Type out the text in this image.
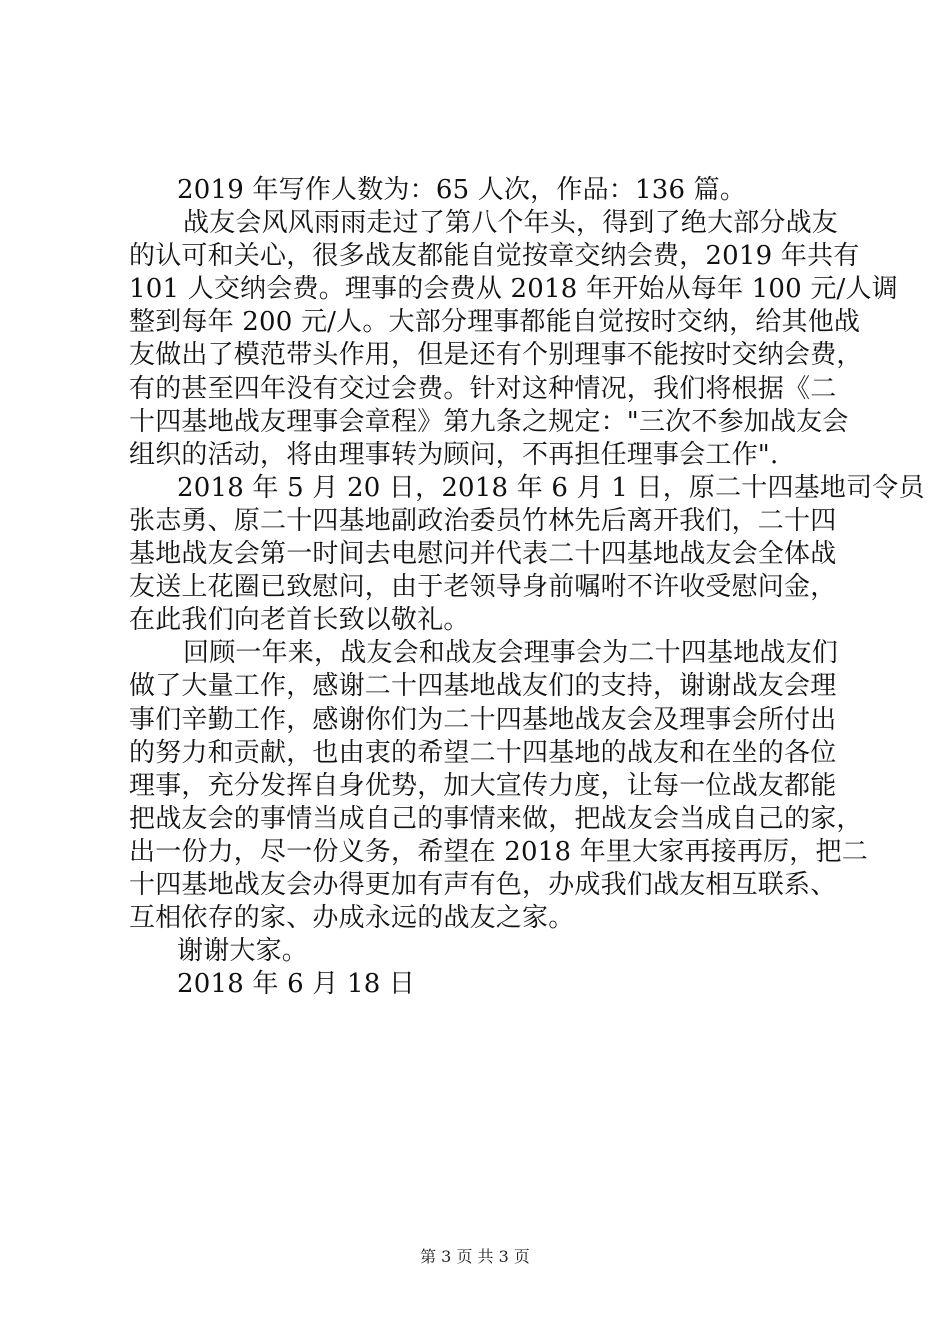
2019 年写作人数为：65 人次，作品：136 篇。
战友会风风雨雨走过了第八个年头，得到了绝大部分战友
的认可和关心，很多战友都能自觉按章交纳会费，2019 年共有
101 人交纳会费。理事的会费从 2018 年开始从每年 100 元/人调
整到每年 200 元/人。大部分理事都能自觉按时交纳，给其他战
友做出了模范带头作用，但是还有个别理事不能按时交纳会费，
有的甚至四年没有交过会费。针对这种情况，我们将根据《二
十四基地战友理事会章程》第九条之规定："三次不参加战友会
组织的活动，将由理事转为顾问，不再担任理事会工作".
2018 年 5 月 20 日，2018 年 6 月 1 日，原二十四基地司令员
张志勇、原二十四基地副政治委员竹林先后离开我们，二十四
基地战友会第一时间去电慰问并代表二十四基地战友会全体战
友送上花圈已致慰问，由于老领导身前嘱咐不许收受慰问金，
在此我们向老首长致以敬礼。
回顾一年来，战友会和战友会理事会为二十四基地战友们
做了大量工作，感谢二十四基地战友们的支持，谢谢战友会理
事们辛勤工作，感谢你们为二十四基地战友会及理事会所付出
的努力和贡献，也由衷的希望二十四基地的战友和在坐的各位
理事，充分发挥自身优势，加大宣传力度，让每一位战友都能
把战友会的事情当成自己的事情来做，把战友会当成自己的家，
出一份力，尽一份义务，希望在 2018 年里大家再接再厉，把二
十四基地战友会办得更加有声有色，办成我们战友相互联系、
互相依存的家、办成永远的战友之家。
谢谢大家。
2018 年 6 月 18 日
第 3 页 共 3 页
